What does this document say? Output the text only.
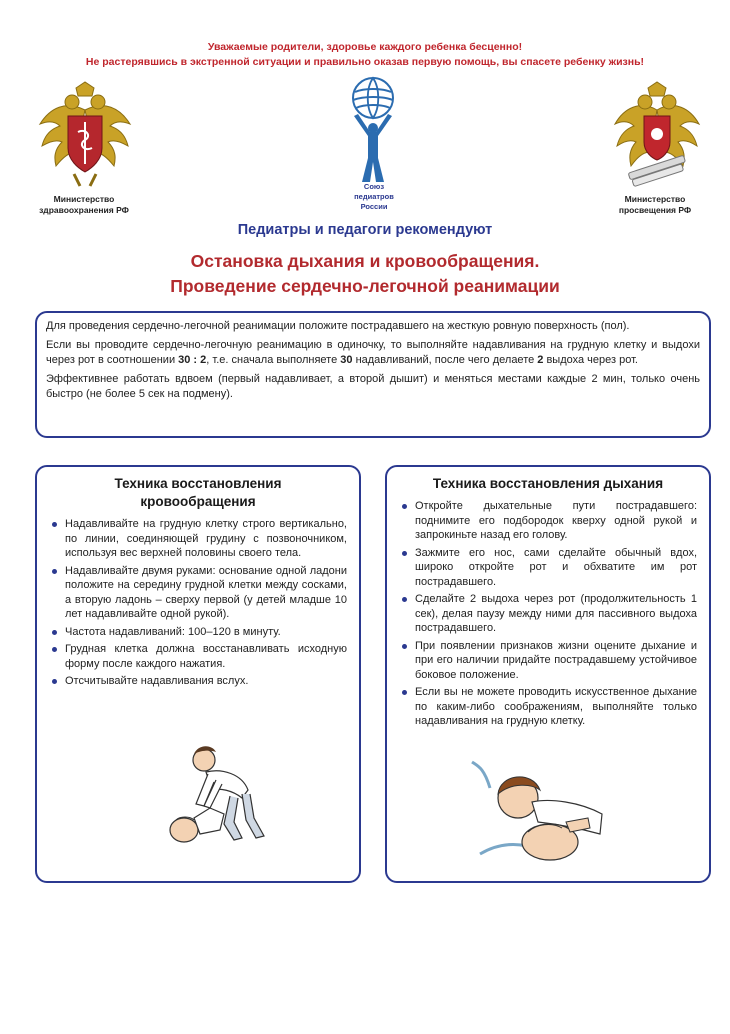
Уважаемые родители, здоровье каждого ребенка бесценно!
Не растерявшись в экстренной ситуации и правильно оказав первую помощь, вы спасете ребенку жизнь!
Министерство
здравоохранения РФ
Союз
педиатров
России
Министерство
просвещения РФ
Педиатры и педагоги рекомендуют
Остановка дыхания и кровообращения.
Проведение сердечно-легочной реанимации

Для проведения сердечно-легочной реанимации положите пострадавшего на жесткую ровную поверхность (пол).

Если вы проводите сердечно-легочную реанимацию в одиночку, то выполняйте надавливания на грудную клетку и выдохи через рот в соотношении 30 : 2, т.е. сначала выполняете 30 надавливаний, после чего делаете 2 выдоха через рот.

Эффективнее работать вдвоем (первый надавливает, а второй дышит) и меняться местами каждые 2 мин, только очень быстро (не более 5 сек на подмену).

Техника восстановления
кровообращения
Надавливайте на грудную клетку строго вертикально, по линии, соединяющей грудину с позвоночником, используя вес верхней половины своего тела.
Надавливайте двумя руками: основание одной ладони положите на середину грудной клетки между сосками, а вторую ладонь – сверху первой (у детей младше 10 лет надавливайте одной рукой).
Частота надавливаний: 100–120 в минуту.
Грудная клетка должна восстанавливать исходную форму после каждого нажатия.
Отсчитывайте надавливания вслух.
Техника восстановления дыхания
Откройте дыхательные пути пострадавшего: поднимите его подбородок кверху одной рукой и запрокиньте назад его голову.
Зажмите его нос, сами сделайте обычный вдох, широко откройте рот и обхватите им рот пострадавшего.
Сделайте 2 выдоха через рот (продолжительность 1 сек), делая паузу между ними для пассивного выдоха пострадавшего.
При появлении признаков жизни оцените дыхание и при его наличии придайте пострадавшему устойчивое боковое положение.
Если вы не можете проводить искусственное дыхание по каким-либо соображениям, выполняйте только надавливания на грудную клетку.
